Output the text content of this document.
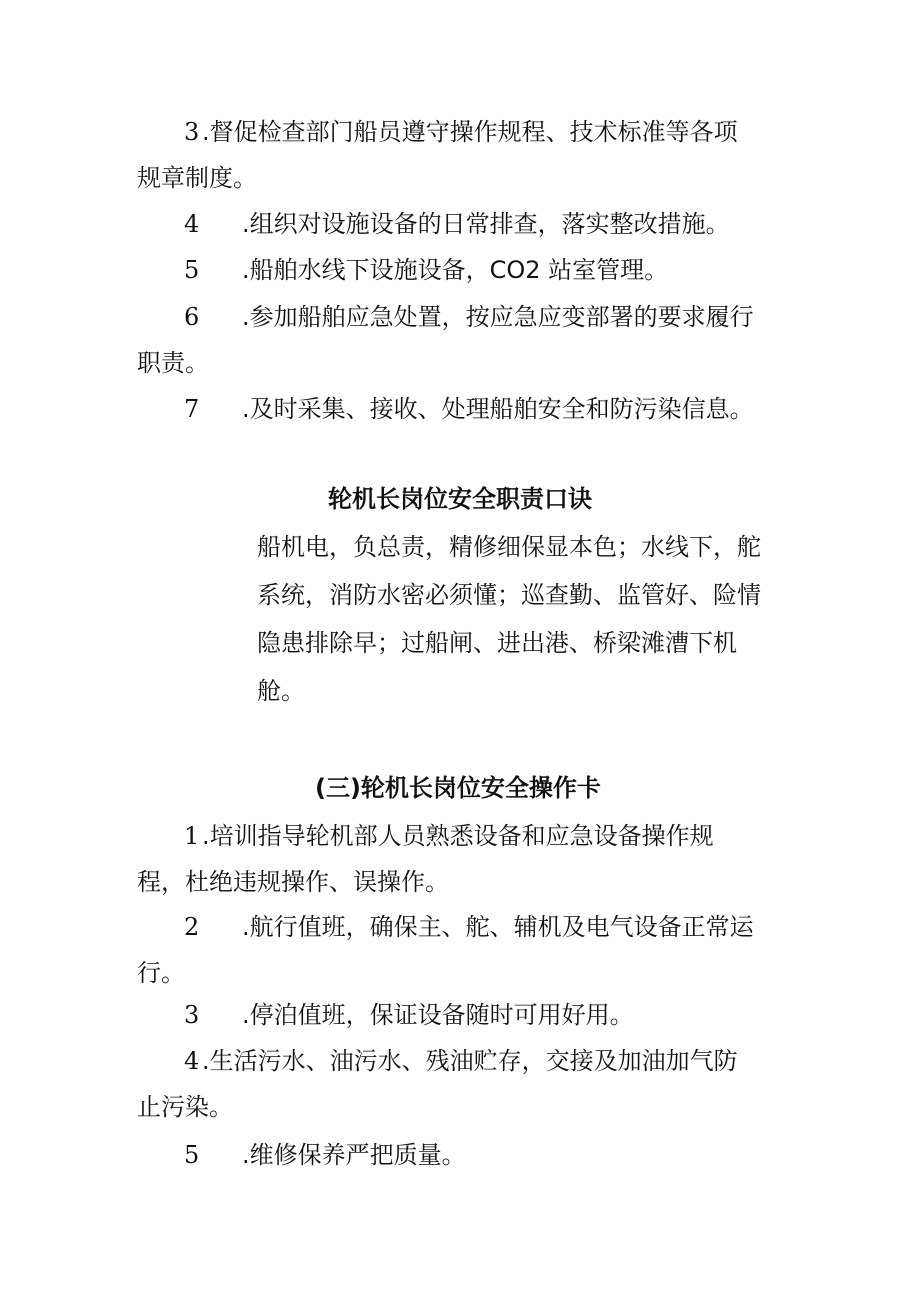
3 .督促检查部门船员遵守操作规程、技术标准等各项
规章制度。
4 .组织对设施设备的日常排查，落实整改措施。
5 .船舶水线下设施设备，CO2 站室管理。
6 .参加船舶应急处置，按应急应变部署的要求履行
职责。
7 .及时采集、接收、处理船舶安全和防污染信息。
轮机长岗位安全职责口诀
船机电，负总责，精修细保显本色；水线下，舵
系统，消防水密必须懂；巡查勤、监管好、险情
隐患排除早；过船闸、进出港、桥梁滩漕下机
舱。
(三)轮机长岗位安全操作卡
1 .培训指导轮机部人员熟悉设备和应急设备操作规
程，杜绝违规操作、误操作。
2 .航行值班，确保主、舵、辅机及电气设备正常运
行。
3 .停泊值班，保证设备随时可用好用。
4 .生活污水、油污水、残油贮存，交接及加油加气防
止污染。
5 .维修保养严把质量。
